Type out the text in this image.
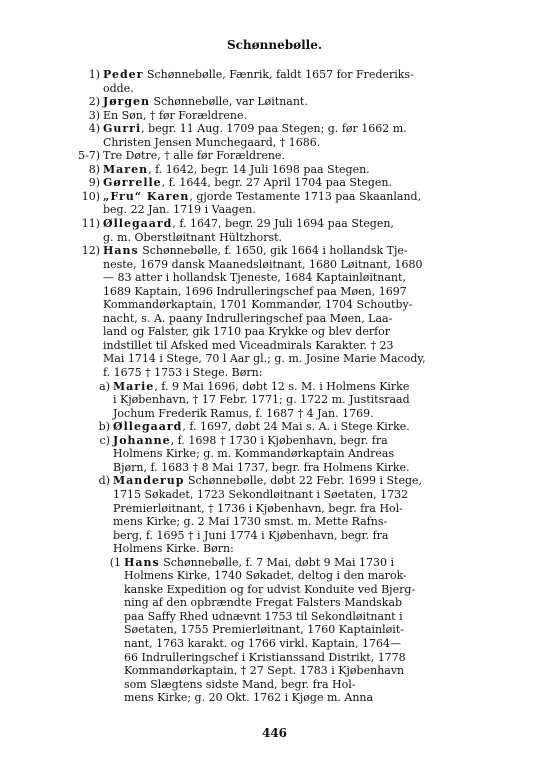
Schønnebølle.
1) Peder Schønnebølle, Fænrik, faldt 1657 for Frederiks-
odde.
2) Jørgen Schønnebølle, var Løitnant.
3) En Søn, † før Forældrene.
4) Gurri, begr. 11 Aug. 1709 paa Stegen; g. før 1662 m.
Christen Jensen Munchegaard, † 1686.
5-7) Tre Døtre, † alle før Forældrene.
8) Maren, f. 1642, begr. 14 Juli 1698 paa Stegen.
9) Gørrelle, f. 1644, begr. 27 April 1704 paa Stegen.
10) „Fru“ Karen, gjorde Testamente 1713 paa Skaanland,
beg. 22 Jan. 1719 i Vaagen.
11) Øllegaard, f. 1647, begr. 29 Juli 1694 paa Stegen,
g. m. Oberstløitnant Hültzhorst.
12) Hans Schønnebølle, f. 1650, gik 1664 i hollandsk Tje-
neste, 1679 dansk Maanedsløitnant, 1680 Løitnant, 1680
— 83 atter i hollandsk Tjeneste, 1684 Kaptainløitnant,
1689 Kaptain, 1696 Indrulleringschef paa Møen, 1697
Kommandørkaptain, 1701 Kommandør, 1704 Schoutby-
nacht, s. A. paany Indrulleringschef paa Møen, Laa-
land og Falster, gik 1710 paa Krykke og blev derfor
indstillet til Afsked med Viceadmirals Karakter. † 23
Mai 1714 i Stege, 70 l Aar gl.; g. m. Josine Marie Macody,
f. 1675 † 1753 i Stege. Børn:
a) Marie, f. 9 Mai 1696, døbt 12 s. M. i Holmens Kirke
i Kjøbenhavn, † 17 Febr. 1771; g. 1722 m. Justitsraad
Jochum Frederik Ramus, f. 1687 † 4 Jan. 1769.
b) Øllegaard, f. 1697, døbt 24 Mai s. A. i Stege Kirke.
c) Johanne, f. 1698 † 1730 i Kjøbenhavn, begr. fra
Holmens Kirke; g. m. Kommandørkaptain Andreas
Bjørn, f. 1683 † 8 Mai 1737, begr. fra Holmens Kirke.
d) Manderup Schønnebølle, døbt 22 Febr. 1699 i Stege,
1715 Søkadet, 1723 Sekondløitnant i Søetaten, 1732
Premierløitnant, † 1736 i Kjøbenhavn, begr. fra Hol-
mens Kirke; g. 2 Mai 1730 smst. m. Mette Rafns-
berg, f. 1695 † i Juni 1774 i Kjøbenhavn, begr. fra
Holmens Kirke. Børn:
(1 Hans Schønnebølle, f. 7 Mai, døbt 9 Mai 1730 i
Holmens Kirke, 1740 Søkadet, deltog i den marok-
kanske Expedition og for udvist Konduite ved Bjerg-
ning af den opbrændte Fregat Falsters Mandskab
paa Saffy Rhed udnævnt 1753 til Sekondløitnant i
Søetaten, 1755 Premierløitnant, 1760 Kaptainløit-
nant, 1763 karakt. og 1766 virkl. Kaptain, 1764—
66 Indrulleringschef i Kristianssand Distrikt, 1778
Kommandørkaptain, † 27 Sept. 1783 i Kjøbenhavn
som Slægtens sidste Mand, begr. fra Hol-
mens Kirke; g. 20 Okt. 1762 i Kjøge m. Anna
446
